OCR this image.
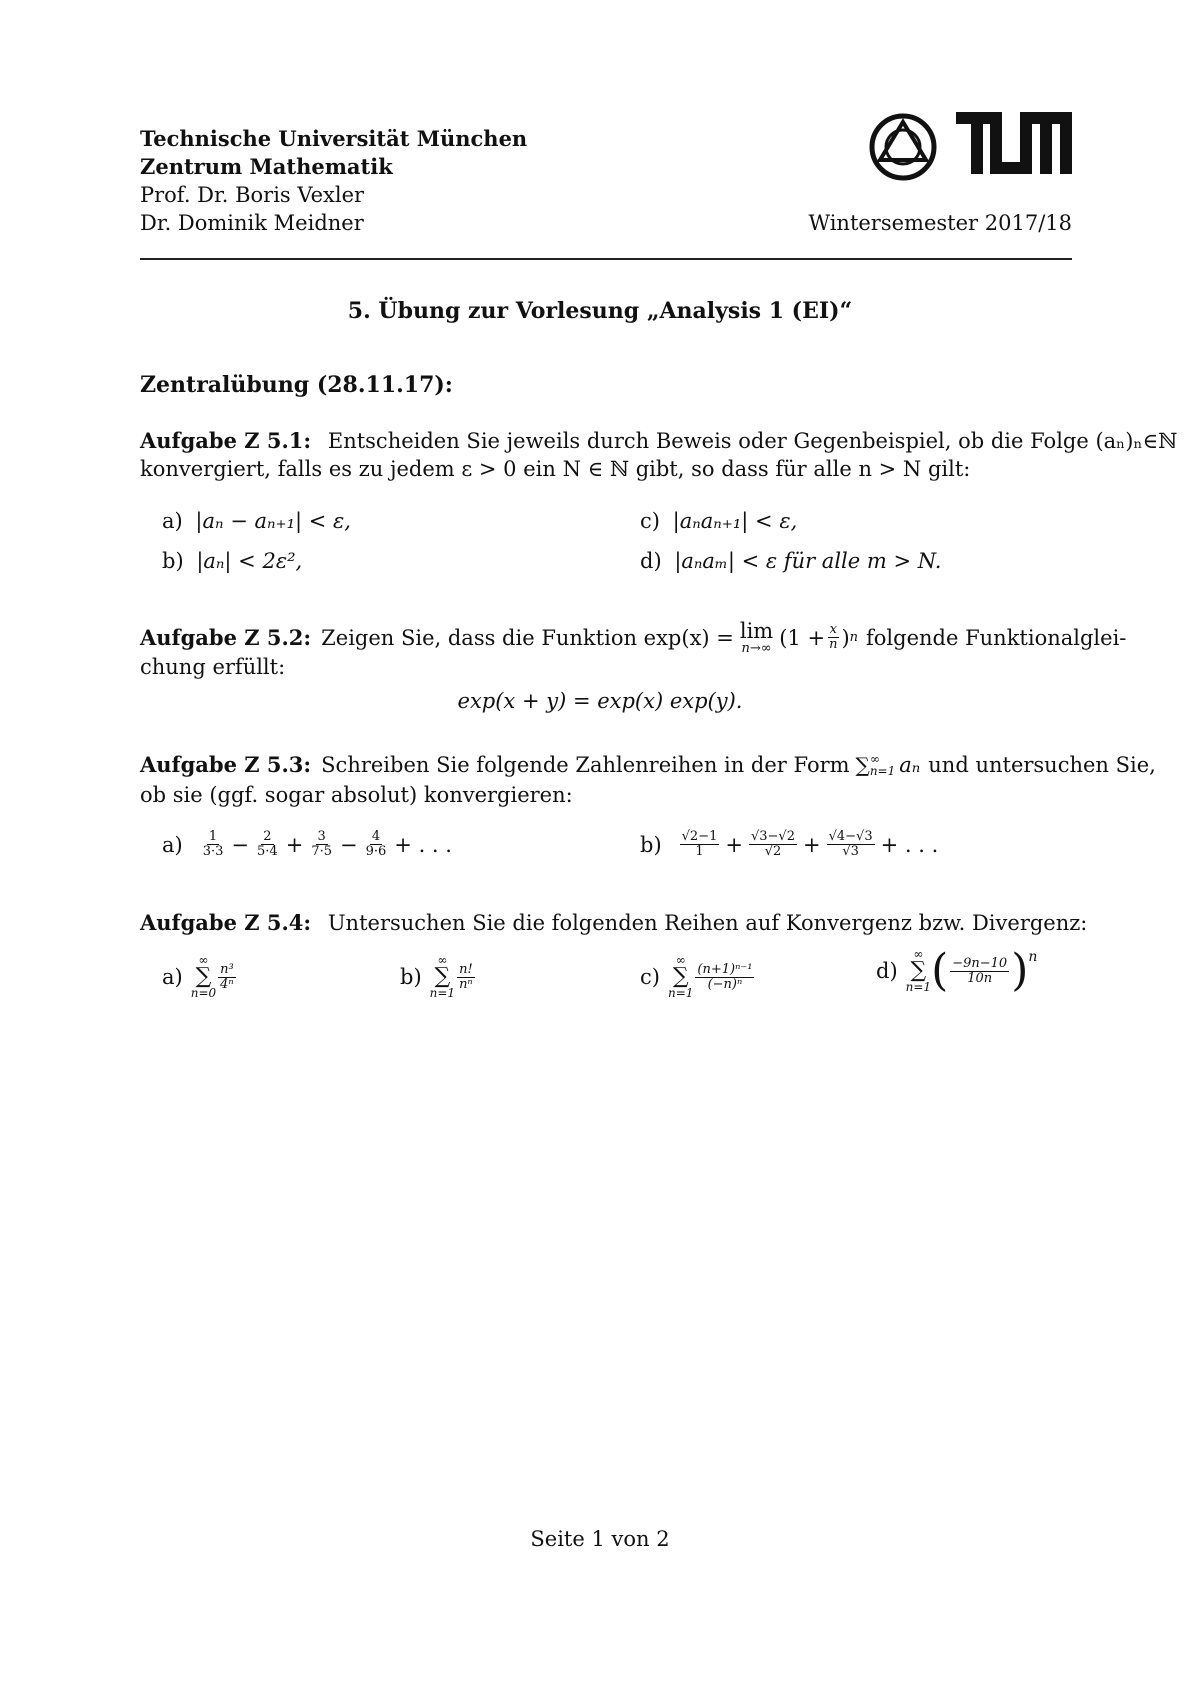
Technische Universität München
Zentrum Mathematik
Prof. Dr. Boris Vexler
Dr. Dominik Meidner	Wintersemester 2017/18
5. Übung zur Vorlesung „Analysis 1 (EI)“
Zentralübung (28.11.17):
Aufgabe Z 5.1: Entscheiden Sie jeweils durch Beweis oder Gegenbeispiel, ob die Folge (aₙ)ₙ∈ℕ
konvergiert, falls es zu jedem ε > 0 ein N ∈ ℕ gibt, so dass für alle n > N gilt:
a) |aₙ − aₙ₊₁| < ε,	c) |aₙaₙ₊₁| < ε,
b) |aₙ| < 2ε²,	d) |aₙaₘ| < ε für alle m > N.
Aufgabe Z 5.2: Zeigen Sie, dass die Funktion exp(x) = lim
n→∞ ($1 + \frac{x}{n}$ ) n folgende Funktionalglei-
chung erfüllt:
exp(x + y) = exp(x) exp(y).
Aufgabe Z 5.3: Schreiben Sie folgende Zahlenreihen in der Form ∑ ∞
n=1 aₙ und untersuchen Sie,
ob sie (ggf. sogar absolut) konvergieren:
$a) \frac{1}{3\cdot 3} - \frac{2}{5\cdot 4} + \frac{3}{7\cdot 5} - \frac{4}{9\cdot 6}$ + . . .	$b) \frac{√2-1}{1} + \frac{√3-√2}{√2} + \frac{√4-√3}{√3}$ + . . .
Aufgabe Z 5.4: Untersuchen Sie die folgenden Reihen auf Konvergenz bzw. Divergenz:
a)
∞
∑
n=0
$\frac{\text{n³}}{\text{4ⁿ}}$	b)
∞
∑
n=1
$\frac{n!}{\text{nⁿ}}$	c)
∞
∑
n=1
$\frac{\text{(n+1)ⁿ⁻¹}}{\text{(−n)ⁿ}}$	d)
∞
∑
n=1 ( $\frac{-9n-10}{10n}$ ) n
Seite 1 von 2
